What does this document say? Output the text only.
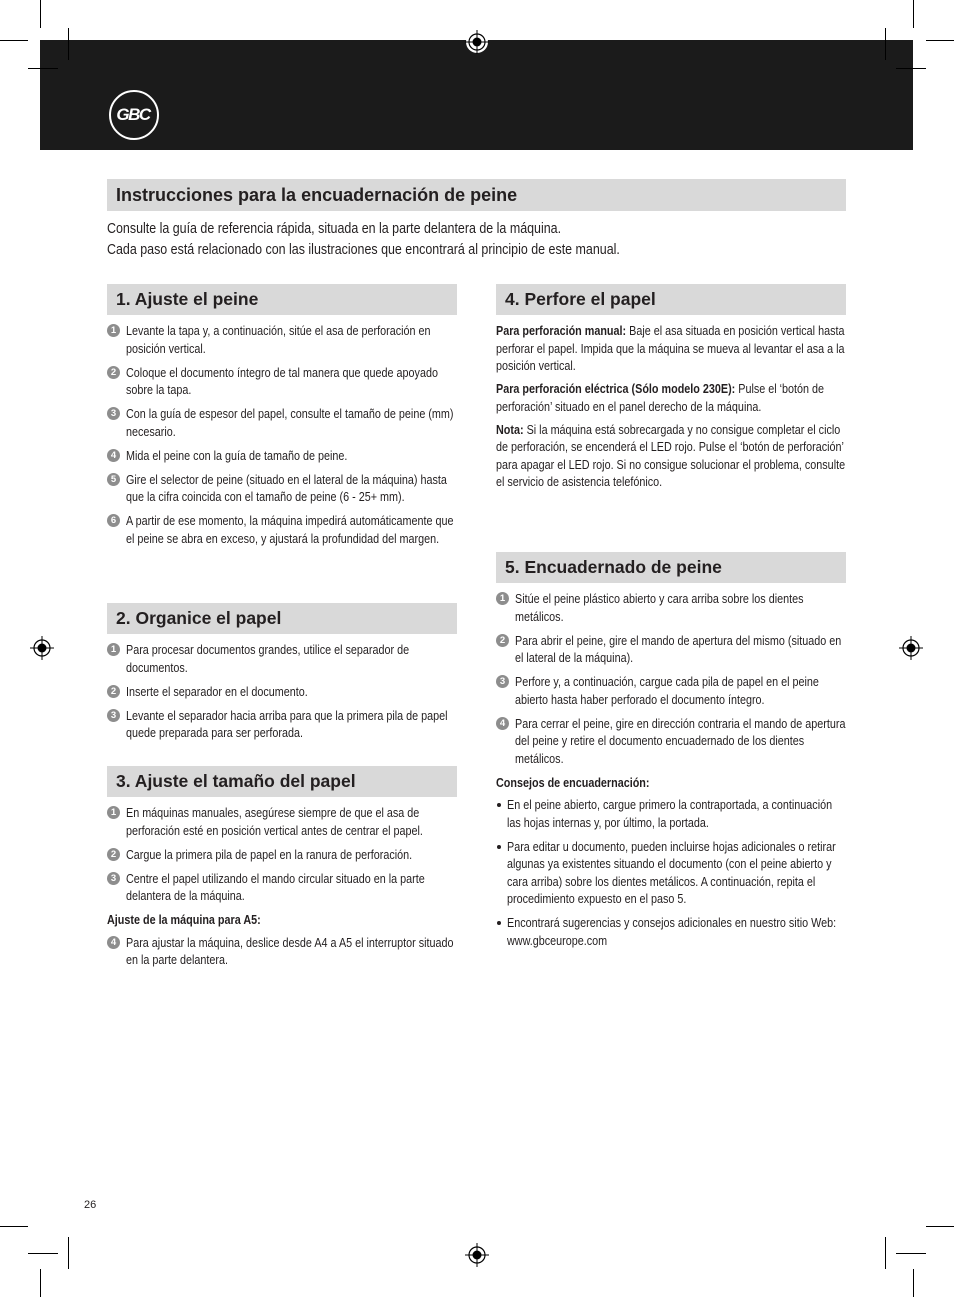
GBC
Instrucciones para la encuadernación de peine
Consulte la guía de referencia rápida, situada en la parte delantera de la máquina.
Cada paso está relacionado con las ilustraciones que encontrará al principio de este manual.
1. Ajuste el peine
1 Levante la tapa y, a continuación, sitúe el asa de perforación en posición vertical.
2 Coloque el documento íntegro de tal manera que quede apoyado sobre la tapa.
3 Con la guía de espesor del papel, consulte el tamaño de peine (mm) necesario.
4 Mida el peine con la guía de tamaño de peine.
5 Gire el selector de peine (situado en el lateral de la máquina) hasta que la cifra coincida con el tamaño de peine (6 - 25+ mm).
6 A partir de ese momento, la máquina impedirá automáticamente que el peine se abra en exceso, y ajustará la profundidad del margen.
2. Organice el papel
1 Para procesar documentos grandes, utilice el separador de documentos.
2 Inserte el separador en el documento.
3 Levante el separador hacia arriba para que la primera pila de papel quede preparada para ser perforada.
3. Ajuste el tamaño del papel
1 En máquinas manuales, asegúrese siempre de que el asa de perforación esté en posición vertical antes de centrar el papel.
2 Cargue la primera pila de papel en la ranura de perforación.
3 Centre el papel utilizando el mando circular situado en la parte delantera de la máquina.
Ajuste de la máquina para A5:
4 Para ajustar la máquina, deslice desde A4 a A5 el interruptor situado en la parte delantera.
4. Perfore el papel

Para perforación manual: Baje el asa situada en posición vertical hasta perforar el papel. Impida que la máquina se mueva al levantar el asa a la posición vertical.

Para perforación eléctrica (Sólo modelo 230E): Pulse el ‘botón de perforación’ situado en el panel derecho de la máquina.

Nota: Si la máquina está sobrecargada y no consigue completar el ciclo de perforación, se encenderá el LED rojo. Pulse el ‘botón de perforación’ para apagar el LED rojo. Si no consigue solucionar el problema, consulte el servicio de asistencia telefónico.

5. Encuadernado de peine
1 Sitúe el peine plástico abierto y cara arriba sobre los dientes metálicos.
2 Para abrir el peine, gire el mando de apertura del mismo (situado en el lateral de la máquina).
3 Perfore y, a continuación, cargue cada pila de papel en el peine abierto hasta haber perforado el documento íntegro.
4 Para cerrar el peine, gire en dirección contraria el mando de apertura del peine y retire el documento encuadernado de los dientes metálicos.
Consejos de encuadernación:
En el peine abierto, cargue primero la contraportada, a continuación las hojas internas y, por último, la portada.
Para editar u documento, pueden incluirse hojas adicionales o retirar algunas ya existentes situando el documento (con el peine abierto y cara arriba) sobre los dientes metálicos. A continuación, repita el procedimiento expuesto en el paso 5.
Encontrará sugerencias y consejos adicionales en nuestro sitio Web: www.gbceurope.com
26
